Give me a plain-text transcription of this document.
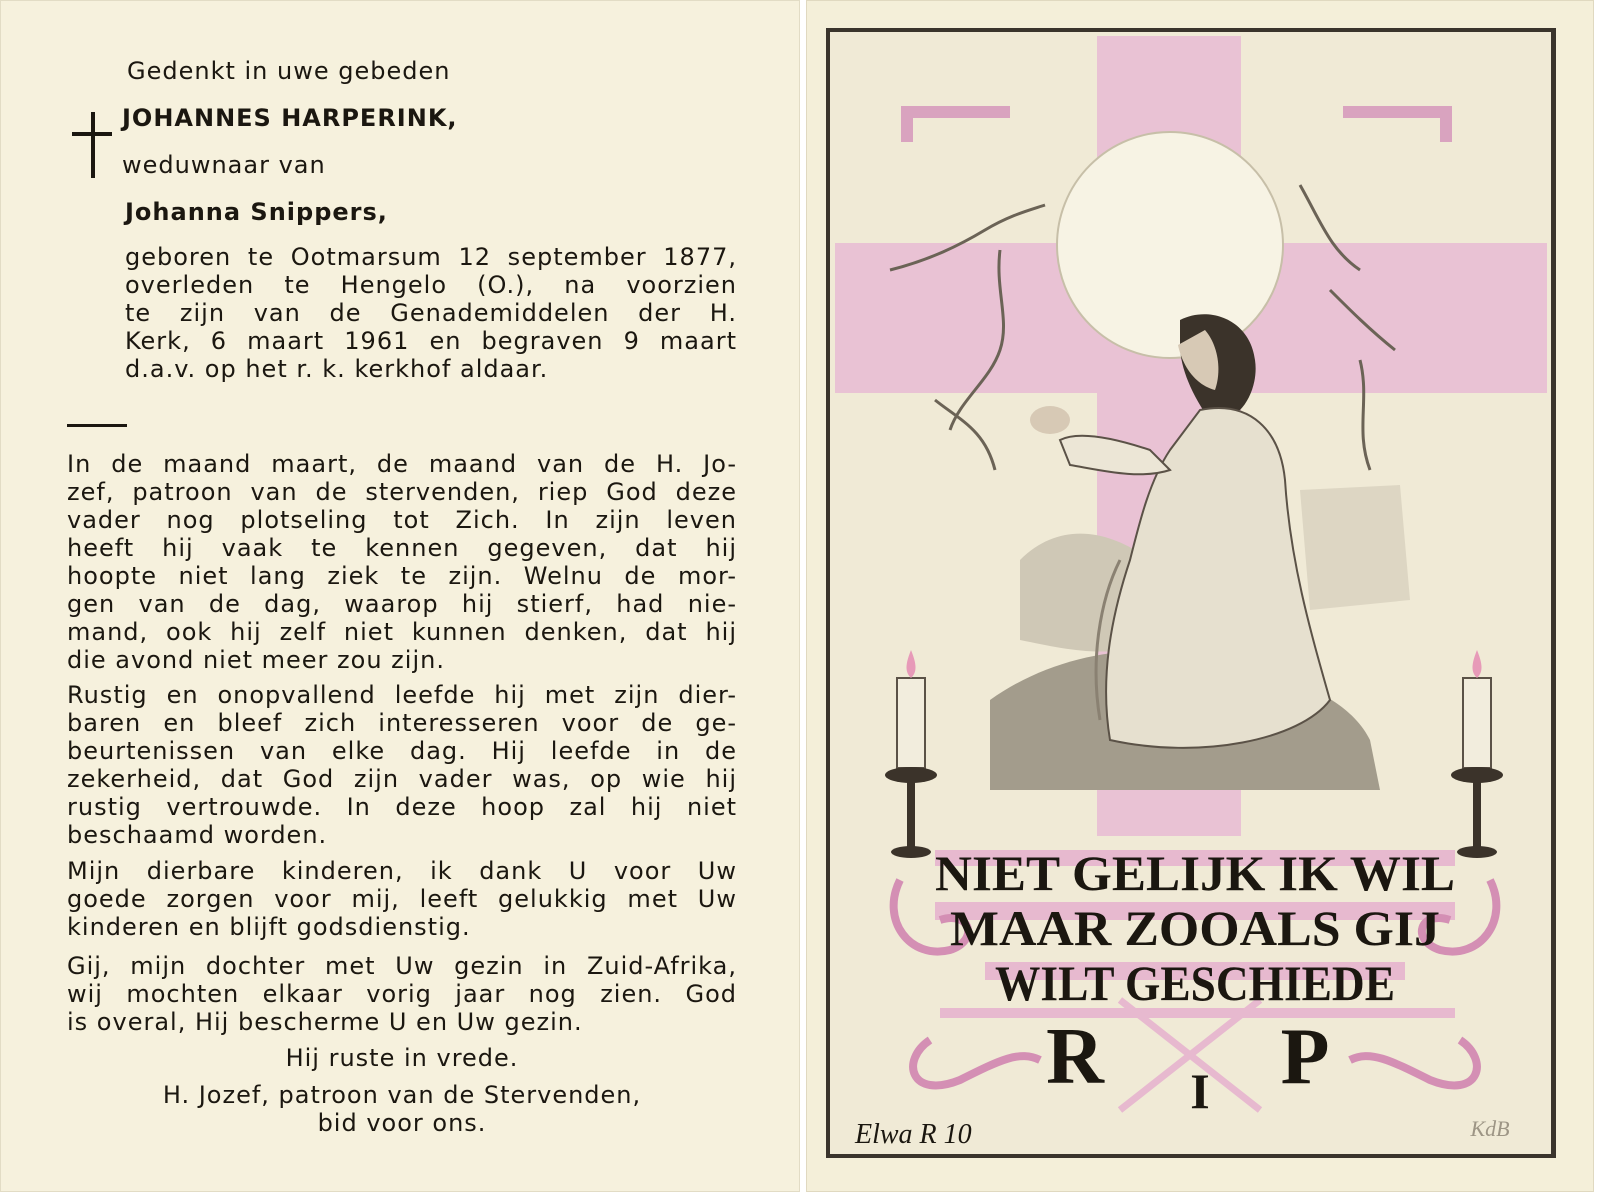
Gedenkt in uwe gebeden
JOHANNES HARPERINK,
weduwnaar van
Johanna Snippers,
geboren te Ootmarsum 12 september 1877,
overleden te Hengelo (O.), na voorzien
te zijn van de Genademiddelen der H.
Kerk, 6 maart 1961 en begraven 9 maart
d.a.v. op het r. k. kerkhof aldaar.
In de maand maart, de maand van de H. Jo-
zef, patroon van de stervenden, riep God deze
vader nog plotseling tot Zich. In zijn leven
heeft hij vaak te kennen gegeven, dat hij
hoopte niet lang ziek te zijn. Welnu de mor-
gen van de dag, waarop hij stierf, had nie-
mand, ook hij zelf niet kunnen denken, dat hij
die avond niet meer zou zijn.
Rustig en onopvallend leefde hij met zijn dier-
baren en bleef zich interesseren voor de ge-
beurtenissen van elke dag. Hij leefde in de
zekerheid, dat God zijn vader was, op wie hij
rustig vertrouwde. In deze hoop zal hij niet
beschaamd worden.
Mijn dierbare kinderen, ik dank U voor Uw
goede zorgen voor mij, leeft gelukkig met Uw
kinderen en blijft godsdienstig.
Gij, mijn dochter met Uw gezin in Zuid-Afrika,
wij mochten elkaar vorig jaar nog zien. God
is overal, Hij bescherme U en Uw gezin.
Hij ruste in vrede.
H. Jozef, patroon van de Stervenden,
bid voor ons.
NIET GELIJK IK WIL
MAAR ZOOALS GIJ
WILT GESCHIEDE
R I P
Elwa R 10	KdB
